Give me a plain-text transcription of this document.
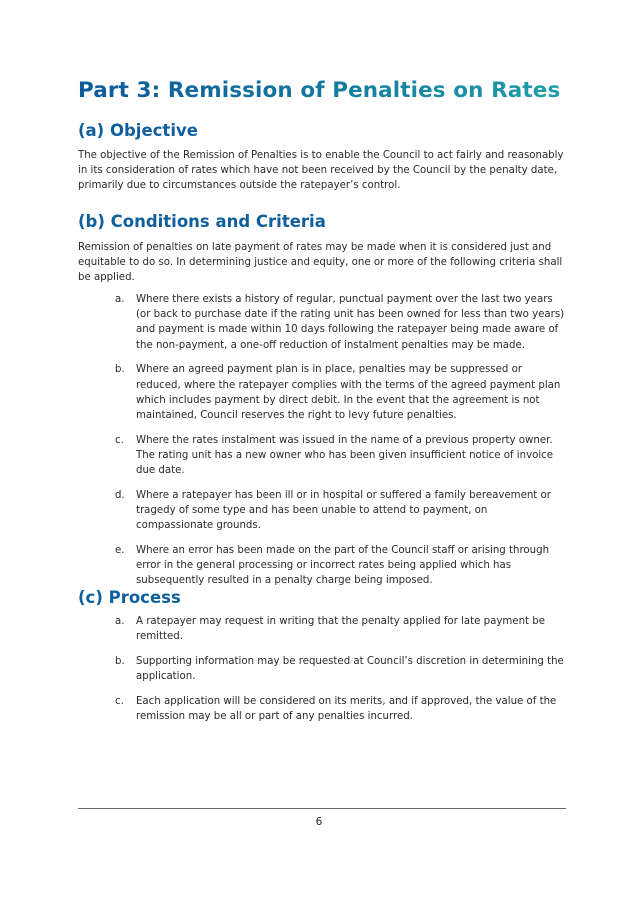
Part 3: Remission of Penalties on Rates
(a) Objective

The objective of the Remission of Penalties is to enable the Council to act fairly and reasonably in its consideration of rates which have not been received by the Council by the penalty date, primarily due to circumstances outside the ratepayer’s control.

(b) Conditions and Criteria

Remission of penalties on late payment of rates may be made when it is considered just and equitable to do so. In determining justice and equity, one or more of the following criteria shall be applied.

a. Where there exists a history of regular, punctual payment over the last two years (or back to purchase date if the rating unit has been owned for less than two years) and payment is made within 10 days following the ratepayer being made aware of the non-payment, a one-off reduction of instalment penalties may be made.
b. Where an agreed payment plan is in place, penalties may be suppressed or reduced, where the ratepayer complies with the terms of the agreed payment plan which includes payment by direct debit. In the event that the agreement is not maintained, Council reserves the right to levy future penalties.
c. Where the rates instalment was issued in the name of a previous property owner. The rating unit has a new owner who has been given insufficient notice of invoice due date.
d. Where a ratepayer has been ill or in hospital or suffered a family bereavement or tragedy of some type and has been unable to attend to payment, on compassionate grounds.
e. Where an error has been made on the part of the Council staff or arising through error in the general processing or incorrect rates being applied which has subsequently resulted in a penalty charge being imposed.
(c) Process
a. A ratepayer may request in writing that the penalty applied for late payment be remitted.
b. Supporting information may be requested at Council’s discretion in determining the application.
c. Each application will be considered on its merits, and if approved, the value of the remission may be all or part of any penalties incurred.
6
